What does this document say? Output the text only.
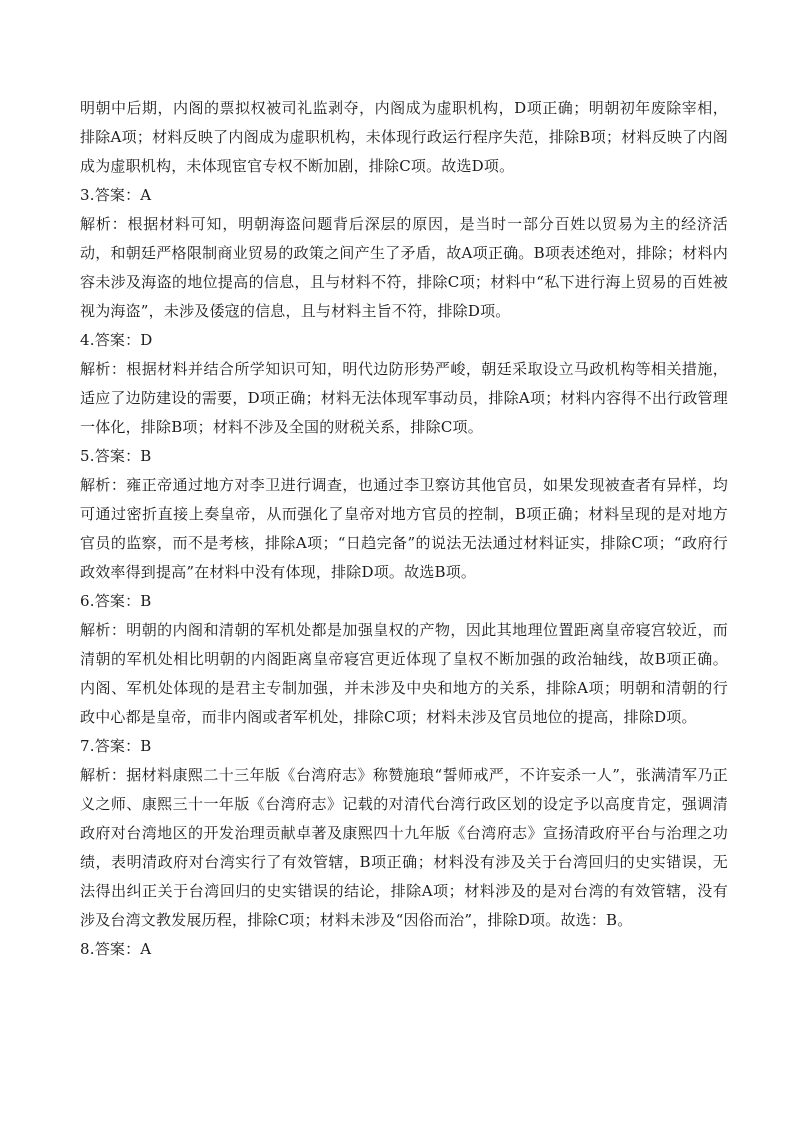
明朝中后期，内阁的票拟权被司礼监剥夺，内阁成为虚职机构，D项正确；明朝初年废除宰相，排除A项；材料反映了内阁成为虚职机构，未体现行政运行程序失范，排除B项；材料反映了内阁成为虚职机构，未体现宦官专权不断加剧，排除C项。故选D项。

3.答案：A

解析：根据材料可知，明朝海盗问题背后深层的原因，是当时一部分百姓以贸易为主的经济活动，和朝廷严格限制商业贸易的政策之间产生了矛盾，故A项正确。B项表述绝对，排除；材料内容未涉及海盗的地位提高的信息，且与材料不符，排除C项；材料中“私下进行海上贸易的百姓被视为海盗”，未涉及倭寇的信息，且与材料主旨不符，排除D项。

4.答案：D

解析：根据材料并结合所学知识可知，明代边防形势严峻，朝廷采取设立马政机构等相关措施，适应了边防建设的需要，D项正确；材料无法体现军事动员，排除A项；材料内容得不出行政管理一体化，排除B项；材料不涉及全国的财税关系，排除C项。

5.答案：B

解析：雍正帝通过地方对李卫进行调查，也通过李卫察访其他官员，如果发现被查者有异样，均可通过密折直接上奏皇帝，从而强化了皇帝对地方官员的控制，B项正确；材料呈现的是对地方官员的监察，而不是考核，排除A项；“日趋完备”的说法无法通过材料证实，排除C项；“政府行政效率得到提高”在材料中没有体现，排除D项。故选B项。

6.答案：B

解析：明朝的内阁和清朝的军机处都是加强皇权的产物，因此其地理位置距离皇帝寝宫较近，而清朝的军机处相比明朝的内阁距离皇帝寝宫更近体现了皇权不断加强的政治轴线，故B项正确。内阁、军机处体现的是君主专制加强，并未涉及中央和地方的关系，排除A项；明朝和清朝的行政中心都是皇帝，而非内阁或者军机处，排除C项；材料未涉及官员地位的提高，排除D项。

7.答案：B

解析：据材料康熙二十三年版《台湾府志》称赞施琅“誓师戒严，不许妄杀一人”，张满清军乃正义之师、康熙三十一年版《台湾府志》记载的对清代台湾行政区划的设定予以高度肯定，强调清政府对台湾地区的开发治理贡献卓著及康熙四十九年版《台湾府志》宣扬清政府平台与治理之功绩，表明清政府对台湾实行了有效管辖，B项正确；材料没有涉及关于台湾回归的史实错误，无法得出纠正关于台湾回归的史实错误的结论，排除A项；材料涉及的是对台湾的有效管辖，没有涉及台湾文教发展历程，排除C项；材料未涉及“因俗而治”，排除D项。故选：B。

8.答案：A
